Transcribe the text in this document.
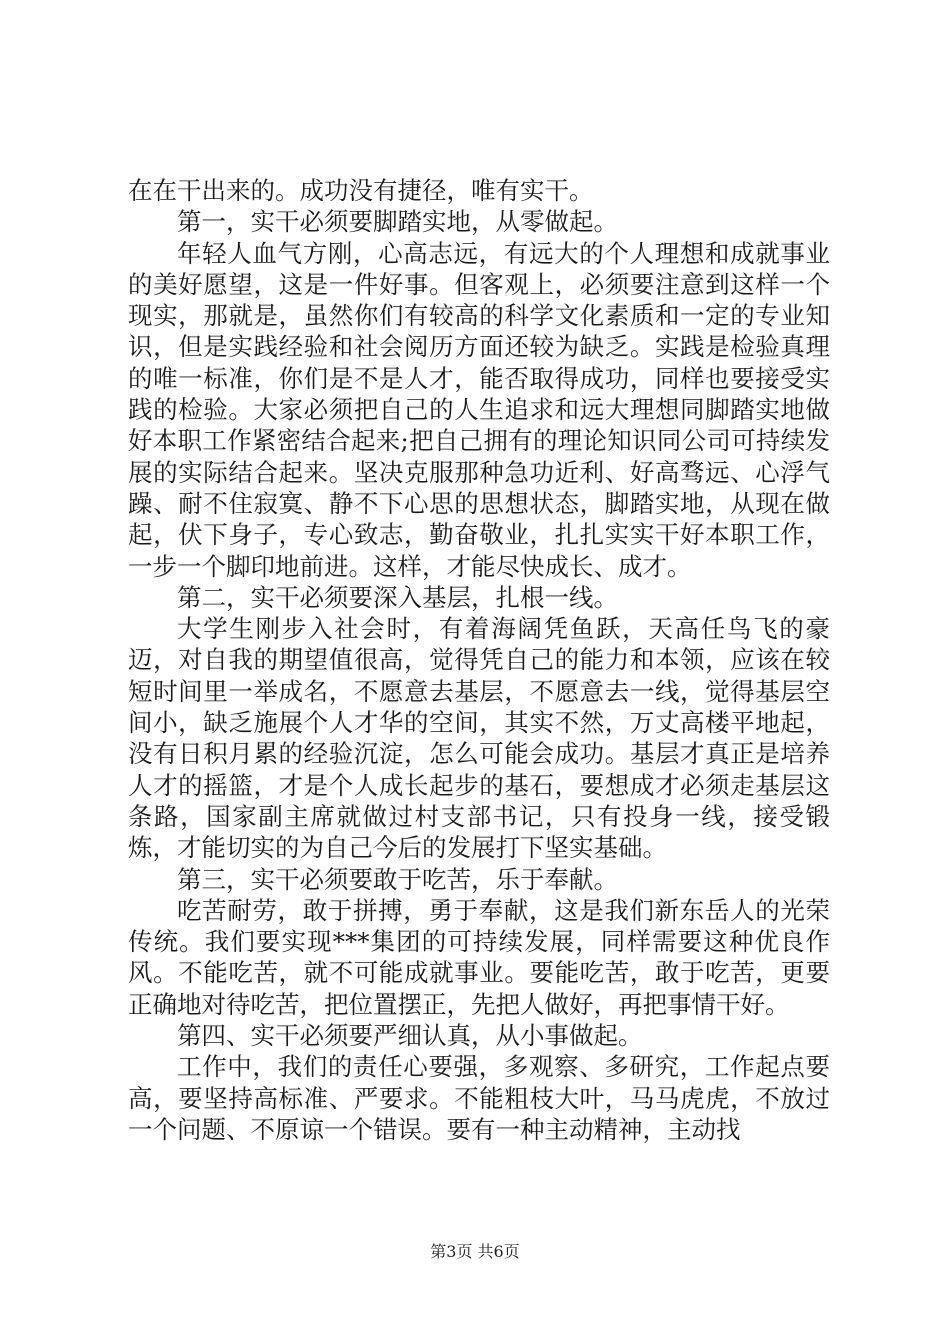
在在干出来的。成功没有捷径，唯有实干。

第一，实干必须要脚踏实地，从零做起。

年轻人血气方刚，心高志远，有远大的个人理想和成就事业的美好愿望，这是一件好事。但客观上，必须要注意到这样一个现实，那就是，虽然你们有较高的科学文化素质和一定的专业知识，但是实践经验和社会阅历方面还较为缺乏。实践是检验真理的唯一标准，你们是不是人才，能否取得成功，同样也要接受实践的检验。大家必须把自己的人生追求和远大理想同脚踏实地做好本职工作紧密结合起来;把自己拥有的理论知识同公司可持续发展的实际结合起来。坚决克服那种急功近利、好高骛远、心浮气躁、耐不住寂寞、静不下心思的思想状态，脚踏实地，从现在做起，伏下身子，专心致志，勤奋敬业，扎扎实实干好本职工作，一步一个脚印地前进。这样，才能尽快成长、成才。

第二，实干必须要深入基层，扎根一线。

大学生刚步入社会时，有着海阔凭鱼跃，天高任鸟飞的豪迈，对自我的期望值很高，觉得凭自己的能力和本领，应该在较短时间里一举成名，不愿意去基层，不愿意去一线，觉得基层空间小，缺乏施展个人才华的空间，其实不然，万丈高楼平地起，没有日积月累的经验沉淀，怎么可能会成功。基层才真正是培养人才的摇篮，才是个人成长起步的基石，要想成才必须走基层这条路，国家副主席就做过村支部书记，只有投身一线，接受锻炼，才能切实的为自己今后的发展打下坚实基础。

第三，实干必须要敢于吃苦，乐于奉献。

吃苦耐劳，敢于拼搏，勇于奉献，这是我们新东岳人的光荣传统。我们要实现***集团的可持续发展，同样需要这种优良作风。不能吃苦，就不可能成就事业。要能吃苦，敢于吃苦，更要正确地对待吃苦，把位置摆正，先把人做好，再把事情干好。

第四、实干必须要严细认真，从小事做起。

工作中，我们的责任心要强，多观察、多研究，工作起点要高，要坚持高标准、严要求。不能粗枝大叶，马马虎虎，不放过一个问题、不原谅一个错误。要有一种主动精神，主动找

第3页 共6页
